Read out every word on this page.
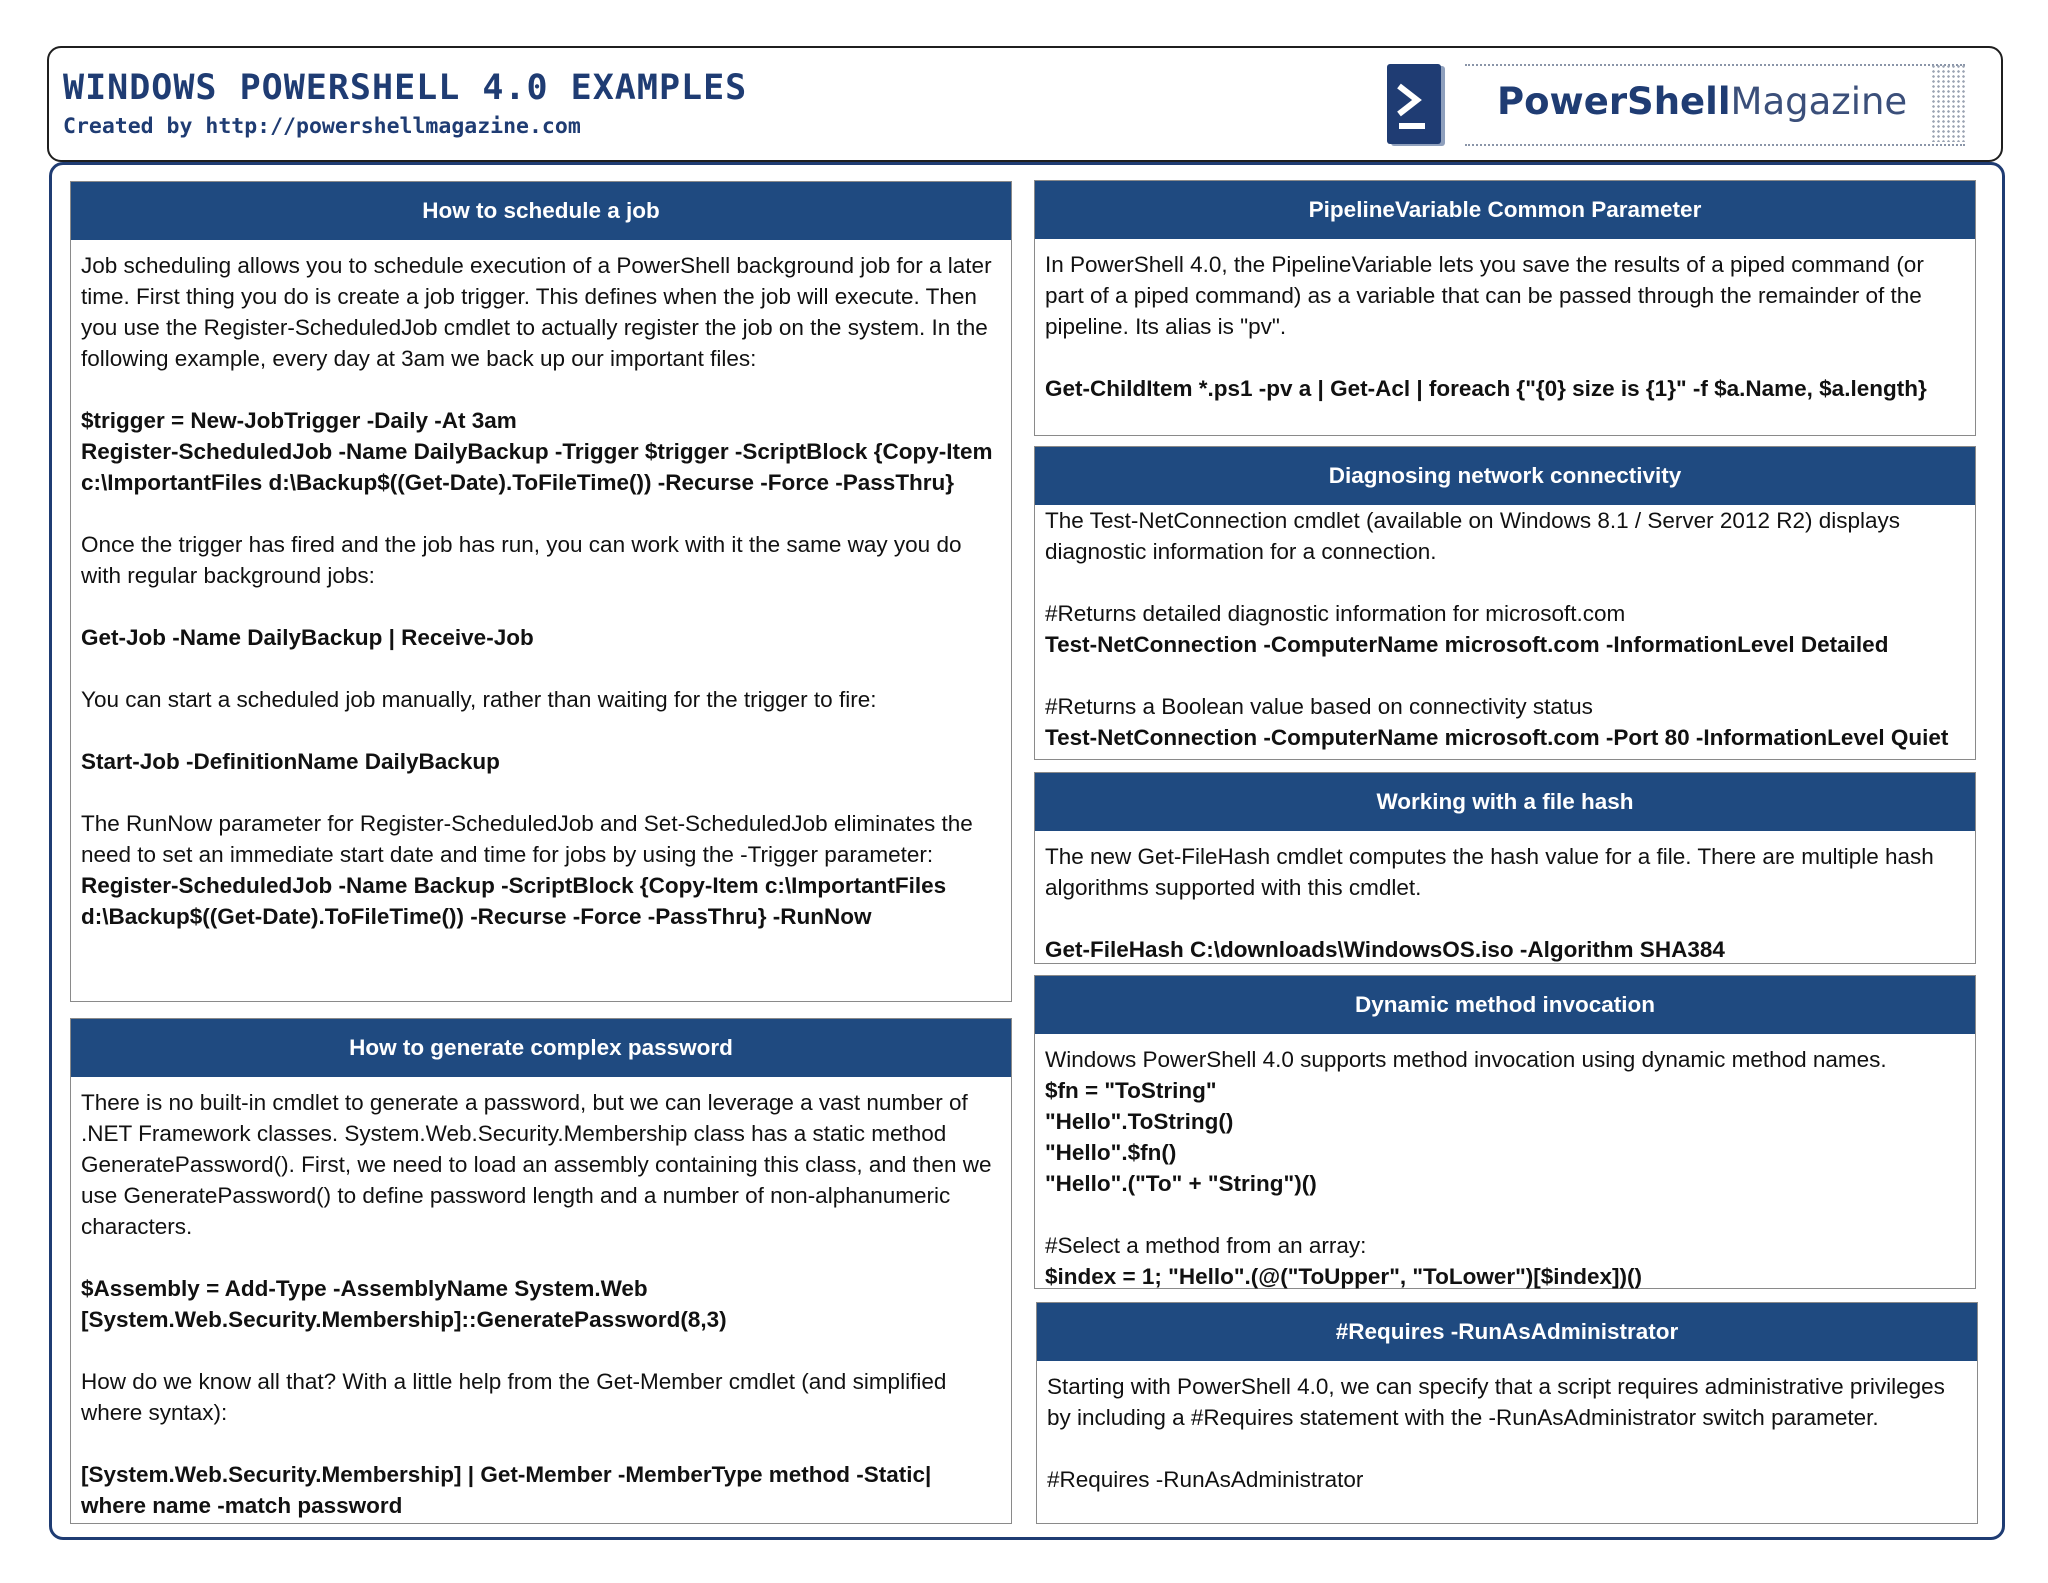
WINDOWS POWERSHELL 4.0 EXAMPLES
Created by http://powershellmagazine.com
PowerShellMagazine
How to schedule a job

Job scheduling allows you to schedule execution of a PowerShell background job for a later time. First thing you do is create a job trigger. This defines when the job will execute. Then you use the Register-ScheduledJob cmdlet to actually register the job on the system. In the following example, every day at 3am we back up our important files:

$trigger = New-JobTrigger -Daily -At 3am

Register-ScheduledJob -Name DailyBackup -Trigger $trigger -ScriptBlock {Copy-Item c:\ImportantFiles d:\Backup$((Get-Date).ToFileTime()) -Recurse -Force -PassThru}

Once the trigger has fired and the job has run, you can work with it the same way you do with regular background jobs:

Get-Job -Name DailyBackup | Receive-Job

You can start a scheduled job manually, rather than waiting for the trigger to fire:

Start-Job -DefinitionName DailyBackup

The RunNow parameter for Register-ScheduledJob and Set-ScheduledJob eliminates the need to set an immediate start date and time for jobs by using the -Trigger parameter:

Register-ScheduledJob -Name Backup -ScriptBlock {Copy-Item c:\ImportantFiles d:\Backup$((Get-Date).ToFileTime()) -Recurse -Force -PassThru} -RunNow

How to generate complex password

There is no built-in cmdlet to generate a password, but we can leverage a vast number of .NET Framework classes. System.Web.Security.Membership class has a static method GeneratePassword(). First, we need to load an assembly containing this class, and then we use GeneratePassword() to define password length and a number of non-alphanumeric characters.

$Assembly = Add-Type -AssemblyName System.Web

[System.Web.Security.Membership]::GeneratePassword(8,3)

How do we know all that? With a little help from the Get-Member cmdlet (and simplified where syntax):

[System.Web.Security.Membership] | Get-Member -MemberType method -Static| where name -match password

PipelineVariable Common Parameter

In PowerShell 4.0, the PipelineVariable lets you save the results of a piped command (or part of a piped command) as a variable that can be passed through the remainder of the pipeline. Its alias is "pv".

Get-ChildItem *.ps1 -pv a | Get-Acl | foreach {"{0} size is {1}" -f $a.Name, $a.length}

Diagnosing network connectivity

The Test-NetConnection cmdlet (available on Windows 8.1 / Server 2012 R2) displays diagnostic information for a connection.

#Returns detailed diagnostic information for microsoft.com

Test-NetConnection -ComputerName microsoft.com -InformationLevel Detailed

#Returns a Boolean value based on connectivity status

Test-NetConnection -ComputerName microsoft.com -Port 80 -InformationLevel Quiet

Working with a file hash

The new Get-FileHash cmdlet computes the hash value for a file. There are multiple hash algorithms supported with this cmdlet.

Get-FileHash C:\downloads\WindowsOS.iso -Algorithm SHA384

Dynamic method invocation

Windows PowerShell 4.0 supports method invocation using dynamic method names.

$fn = "ToString"

"Hello".ToString()

"Hello".$fn()

"Hello".("To" + "String")()

#Select a method from an array:

$index = 1; "Hello".(@("ToUpper", "ToLower")[$index])()

#Requires -RunAsAdministrator

Starting with PowerShell 4.0, we can specify that a script requires administrative privileges by including a #Requires statement with the -RunAsAdministrator switch parameter.

#Requires -RunAsAdministrator
